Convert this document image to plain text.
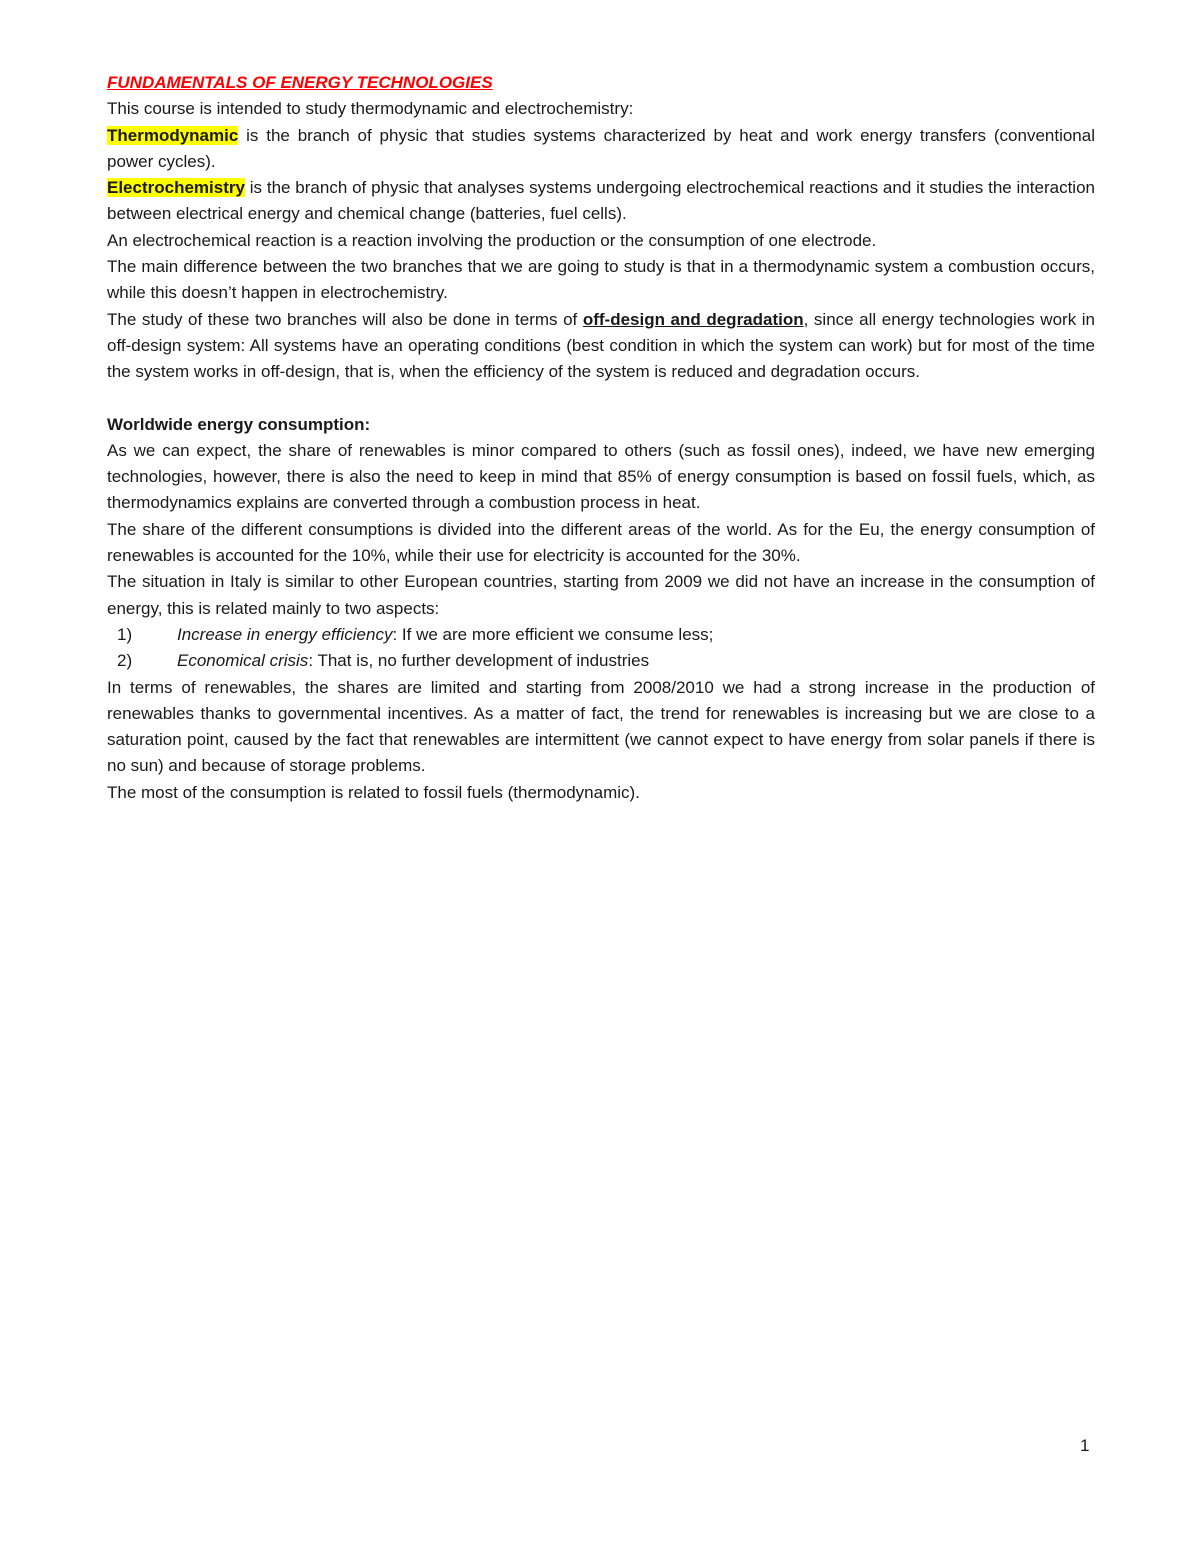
FUNDAMENTALS OF ENERGY TECHNOLOGIES

This course is intended to study thermodynamic and electrochemistry:

Thermodynamic is the branch of physic that studies systems characterized by heat and work energy transfers (conventional power cycles).

Electrochemistry is the branch of physic that analyses systems undergoing electrochemical reactions and it studies the interaction between electrical energy and chemical change (batteries, fuel cells).

An electrochemical reaction is a reaction involving the production or the consumption of one electrode.

The main difference between the two branches that we are going to study is that in a thermodynamic system a combustion occurs, while this doesn’t happen in electrochemistry.

The study of these two branches will also be done in terms of off-design and degradation, since all energy technologies work in off-design system: All systems have an operating conditions (best condition in which the system can work) but for most of the time the system works in off-design, that is, when the efficiency of the system is reduced and degradation occurs.

Worldwide energy consumption:

As we can expect, the share of renewables is minor compared to others (such as fossil ones), indeed, we have new emerging technologies, however, there is also the need to keep in mind that 85% of energy consumption is based on fossil fuels, which, as thermodynamics explains are converted through a combustion process in heat.

The share of the different consumptions is divided into the different areas of the world. As for the Eu, the energy consumption of renewables is accounted for the 10%, while their use for electricity is accounted for the 30%.

The situation in Italy is similar to other European countries, starting from 2009 we did not have an increase in the consumption of energy, this is related mainly to two aspects:

1)	Increase in energy efficiency: If we are more efficient we consume less;
2)	Economical crisis: That is, no further development of industries

In terms of renewables, the shares are limited and starting from 2008/2010 we had a strong increase in the production of renewables thanks to governmental incentives. As a matter of fact, the trend for renewables is increasing but we are close to a saturation point, caused by the fact that renewables are intermittent (we cannot expect to have energy from solar panels if there is no sun) and because of storage problems.

The most of the consumption is related to fossil fuels (thermodynamic).

1
